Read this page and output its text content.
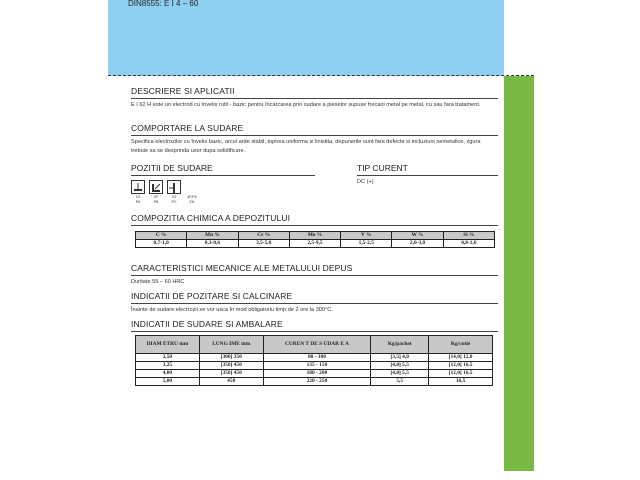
DIN8555: E I 4 – 60
DESCRIERE SI APLICATII

E I 62 H este un electrod cu învelis rutil - bazic pentru încarcarea prin sudare a pieselor supuse frecarii metal pe metal, cu sau fara tratament.

COMPORTARE LA SUDARE

Specifica electrozilor cu învelis bazic, arcul arde stabil, topirea uniforma si linistita, depunerile sunt fara defecte si incluziuni nemetalice, zgura trebuie sa se desprinda usor dupa solidificare.

POZITII DE SUDARE
1G
PA
2F
PB
2G
PC
4F/FA
EN
TIP CURENT
DC (+)
COMPOZITIA CHIMICA A DEPOZITULUI
C %	Mn %	Cr %	Mo %	V %	W %	Si %
0,7-1,0	0,3-0,6	3,5-5,0	2,5-9,5	1,5-2,5	2,0-3,0	0,8-1,6
CARACTERISTICI MECANICE ALE METALULUI DEPUS

Duritate 55 – 60 HRC

INDICATII DE POZITARE SI CALCINARE

Înainte de sudare electrozii se vor usca în mod obligatoriu timp de 2 ore la 300°C.

INDICATII DE SUDARE SI AMBALARE
DIAM ETRU mm	LUNG IME mm	CUREN T DE S UDAR E A	Kg/pachet	Kg/cutie
2,50	[300] 350	80 - 100	[3,5] 4,0	[14,0] 12,0
3,25	[350] 450	135 - 150	[4,0] 5,5	[12,0] 16,5
4,00	[350] 450	180 - 200	[4,0] 5,5	[12,0] 16,5
5,00	450	220 - 250	5,5	16,5
